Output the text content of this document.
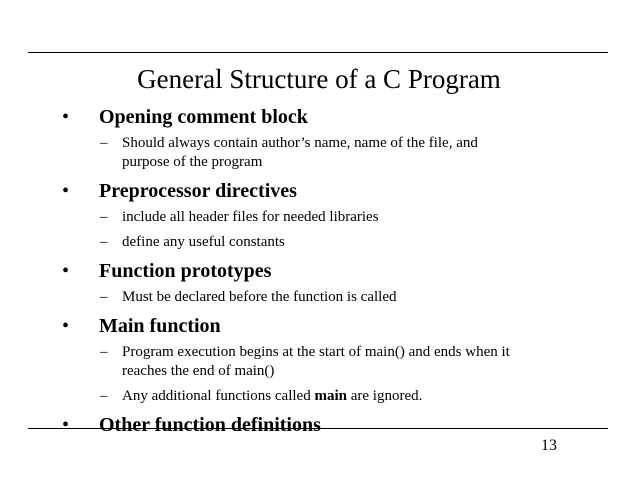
General Structure of a C Program
• Opening comment block
– Should always contain author’s name, name of the file, and
purpose of the program
• Preprocessor directives
– include all header files for needed libraries
– define any useful constants
• Function prototypes
– Must be declared before the function is called
• Main function
– Program execution begins at the start of main() and ends when it
reaches the end of main()
– Any additional functions called main are ignored.
• Other function definitions
13
